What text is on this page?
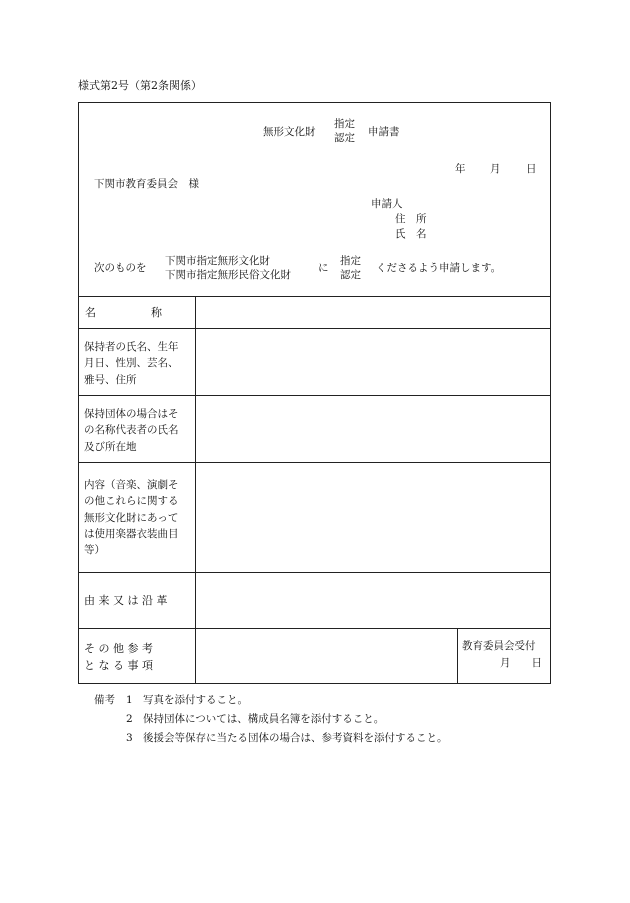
様式第2号（第2条関係）
無形文化財
指定
認定
申請書
年 月 日
下関市教育委員会　様
申請人
住　所
氏　名
次のものを
下関市指定無形文化財
下関市指定無形民俗文化財
に
指定
認定
くださるよう申請します。
名　　　　　称
保持者の氏名、生年
月日、性別、芸名、
雅号、住所
保持団体の場合はそ
の名称代表者の氏名
及び所在地
内容（音楽、演劇そ
の他これらに関する
無形文化財にあって
は使用楽器衣装曲目
等）
由 来 又 は 沿 革
そ の 他 参 考
と な る 事 項
教育委員会受付
月　　日
備考 1 写真を添付すること。
2 保持団体については、構成員名簿を添付すること。
3 後援会等保存に当たる団体の場合は、参考資料を添付すること。
